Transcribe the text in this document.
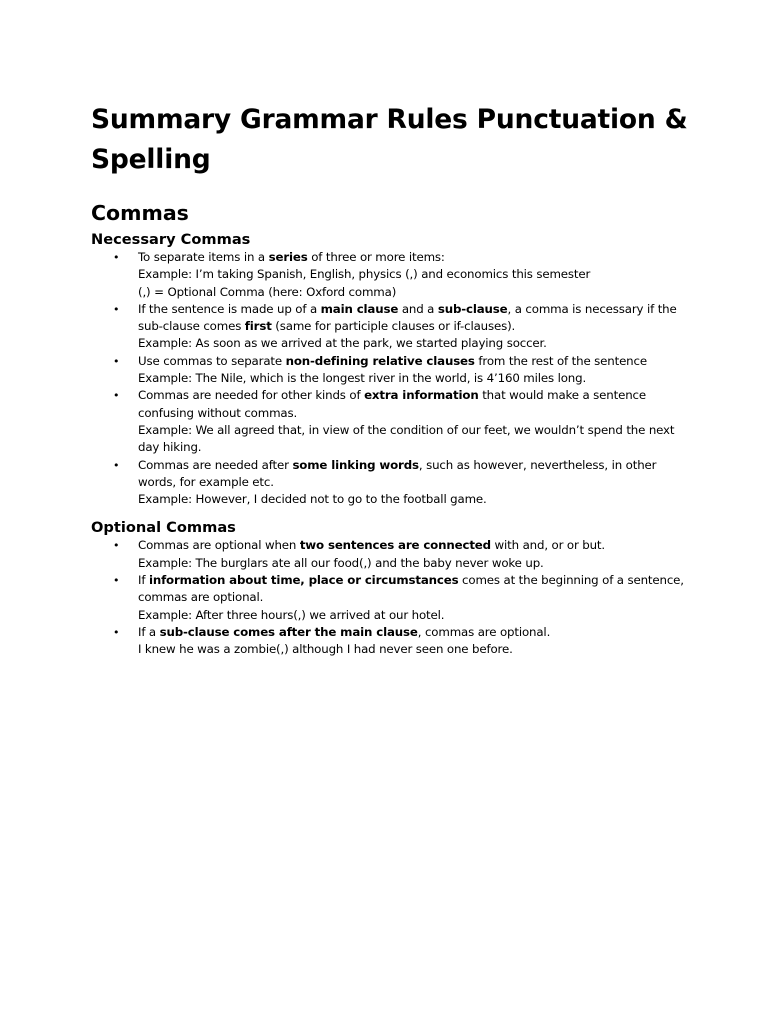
Summary Grammar Rules Punctuation & Spelling
Commas
Necessary Commas
• To separate items in a series of three or more items:
Example: I’m taking Spanish, English, physics (,) and economics this semester
(,) = Optional Comma (here: Oxford comma)
• If the sentence is made up of a main clause and a sub-clause, a comma is necessary if the
sub-clause comes first (same for participle clauses or if-clauses).
Example: As soon as we arrived at the park, we started playing soccer.
• Use commas to separate non-defining relative clauses from the rest of the sentence
Example: The Nile, which is the longest river in the world, is 4’160 miles long.
• Commas are needed for other kinds of extra information that would make a sentence
confusing without commas.
Example: We all agreed that, in view of the condition of our feet, we wouldn’t spend the next
day hiking.
• Commas are needed after some linking words, such as however, nevertheless, in other
words, for example etc.
Example: However, I decided not to go to the football game.
Optional Commas
• Commas are optional when two sentences are connected with and, or or but.
Example: The burglars ate all our food(,) and the baby never woke up.
• If information about time, place or circumstances comes at the beginning of a sentence,
commas are optional.
Example: After three hours(,) we arrived at our hotel.
• If a sub-clause comes after the main clause, commas are optional.
I knew he was a zombie(,) although I had never seen one before.
